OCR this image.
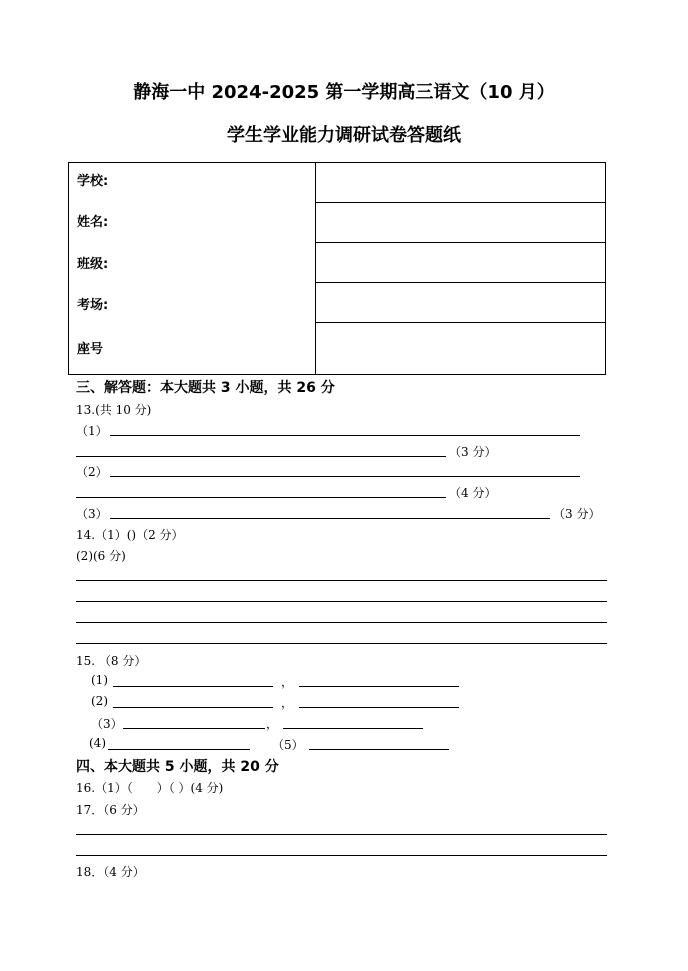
静海一中 2024-2025 第一学期高三语文（10 月）
学生学业能力调研试卷答题纸
学校:
姓名:
班级:
考场:
座号

三、解答题：本大题共 3 小题，共 26 分
13.(共 10 分)
（1）
（3 分）
（2）
（4 分）
（3）	（3 分）
14.（1）()（2 分）
(2)(6 分)
15. （8 分）
(1)	，
(2)	，
（3）	，
(4)	（5）
四、本大题共 5 小题，共 20 分
16.（1）（　　）（ ）(4 分)
17．（6 分）
18．（4 分）
